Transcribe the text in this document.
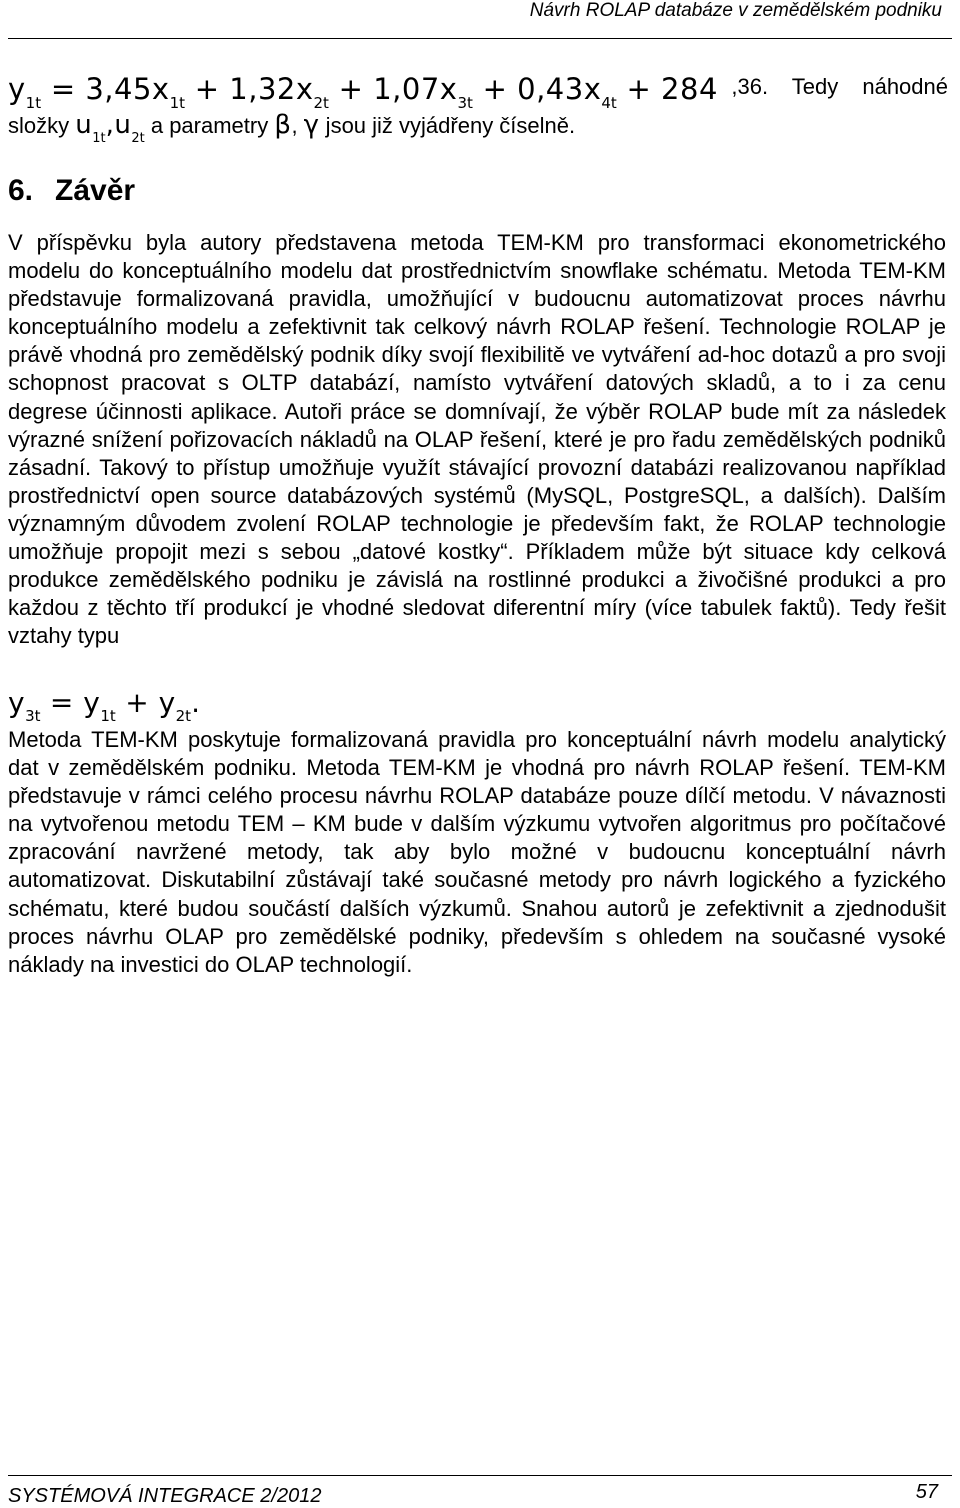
Návrh ROLAP databáze v zemědělském podniku
$y_{1t} = 3,45x_{1t} + 1,32x_{2t} + 1,07x_{3t} + 0,43x_{4t} + 284$ ,36. Tedy náhodné
složky $u_{1t},u_{2t}$ a parametry β, γ jsou již vyjádřeny číselně.
6. Závěr
V příspěvku byla autory představena metoda TEM-KM pro transformaci ekonometrického modelu do konceptuálního modelu dat prostřednictvím snowflake schématu. Metoda TEM-KM představuje formalizovaná pravidla, umožňující v budoucnu automatizovat proces návrhu konceptuálního modelu a zefektivnit tak celkový návrh ROLAP řešení. Technologie ROLAP je právě vhodná pro zemědělský podnik díky svojí flexibilitě ve vytváření ad-hoc dotazů a pro svoji schopnost pracovat s OLTP databází, namísto vytváření datových skladů, a to i za cenu degrese účinnosti aplikace. Autoři práce se domnívají, že výběr ROLAP bude mít za následek výrazné snížení pořizovacích nákladů na OLAP řešení, které je pro řadu zemědělských podniků zásadní. Takový to přístup umožňuje využít stávající provozní databázi realizovanou například prostřednictví open source databázových systémů (MySQL, PostgreSQL, a dalších). Dalším významným důvodem zvolení ROLAP technologie je především fakt, že ROLAP technologie umožňuje propojit mezi s sebou „datové kostky“. Příkladem může být situace kdy celková produkce zemědělského podniku je závislá na rostlinné produkci a živočišné produkci a pro každou z těchto tří produkcí je vhodné sledovat diferentní míry (více tabulek faktů). Tedy řešit vztahy typu
$y_{3t} = y_{1t} + y_{2t}$.
Metoda TEM-KM poskytuje formalizovaná pravidla pro konceptuální návrh modelu analytický dat v zemědělském podniku. Metoda TEM-KM je vhodná pro návrh ROLAP řešení. TEM-KM představuje v rámci celého procesu návrhu ROLAP databáze pouze dílčí metodu. V návaznosti na vytvořenou metodu TEM – KM bude v dalším výzkumu vytvořen algoritmus pro počítačové zpracování navržené metody, tak aby bylo možné v budoucnu konceptuální návrh automatizovat. Diskutabilní zůstávají také současné metody pro návrh logického a fyzického schématu, které budou součástí dalších výzkumů. Snahou autorů je zefektivnit a zjednodušit proces návrhu OLAP pro zemědělské podniky, především s ohledem na současné vysoké náklady na investici do OLAP technologií.
SYSTÉMOVÁ INTEGRACE 2/2012	57
